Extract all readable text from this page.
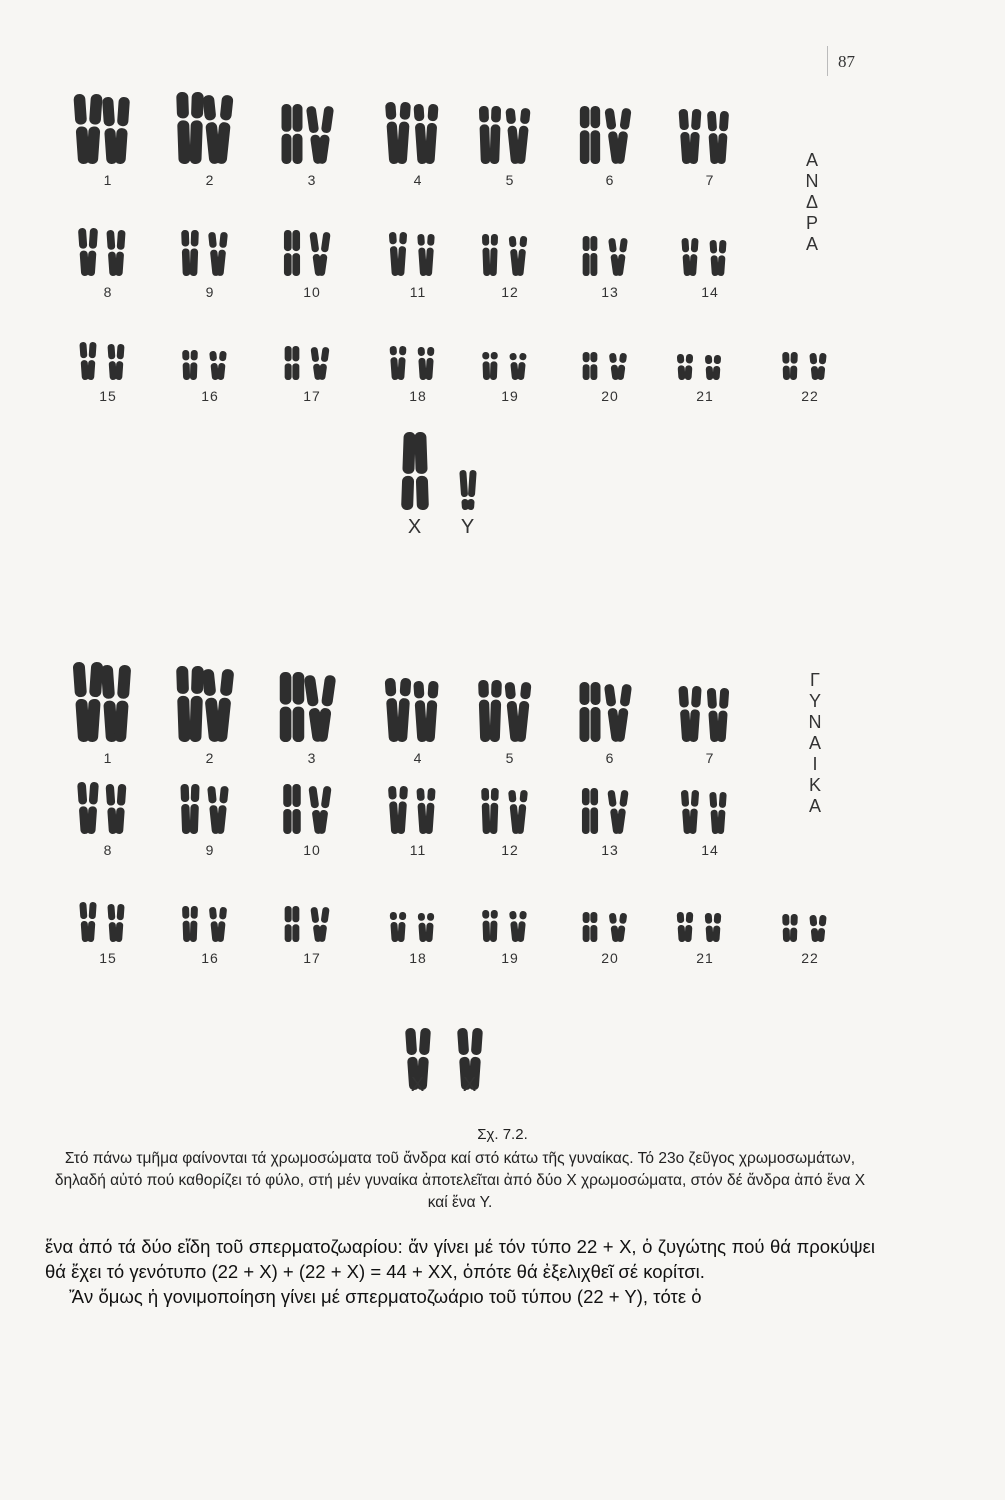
87
1	2	3	4	5	6	7
8	9	10	11	12	13	14
15	16	17	18	19	20	21	22
X	Y
1	2	3	4	5	6	7
8	9	10	11	12	13	14
15	16	17	18	19	20	21	22
X	X
Α
Ν
Δ
Ρ
Α
Γ
Υ
Ν
Α
Ι
Κ
Α
Σχ. 7.2.
Στό πάνω τμῆμα φαίνονται τά χρωμοσώματα τοῦ ἄνδρα καί στό κάτω τῆς γυναίκας. Τό 23ο ζεῦγος χρωμοσωμάτων, δηλαδή αὐτό πού καθορίζει τό φύλο, στή μέν γυναίκα ἀποτελεῖται ἀπό δύο Χ χρωμοσώματα, στόν δέ ἄνδρα ἀπό ἕνα Χ καί ἕνα Υ.

ἕνα ἀπό τά δύο εἴδη τοῦ σπερματοζωαρίου: ἄν γίνει μέ τόν τύπο 22 + Χ, ὁ ζυγώτης πού θά προκύψει θά ἔχει τό γενότυπο (22 + Χ) + (22 + Χ) = 44 + ΧΧ, ὁπότε θά ἐξελιχθεῖ σέ κορίτσι.

Ἄν ὅμως ἡ γονιμοποίηση γίνει μέ σπερματοζωάριο τοῦ τύπου (22 + Υ), τότε ὁ
